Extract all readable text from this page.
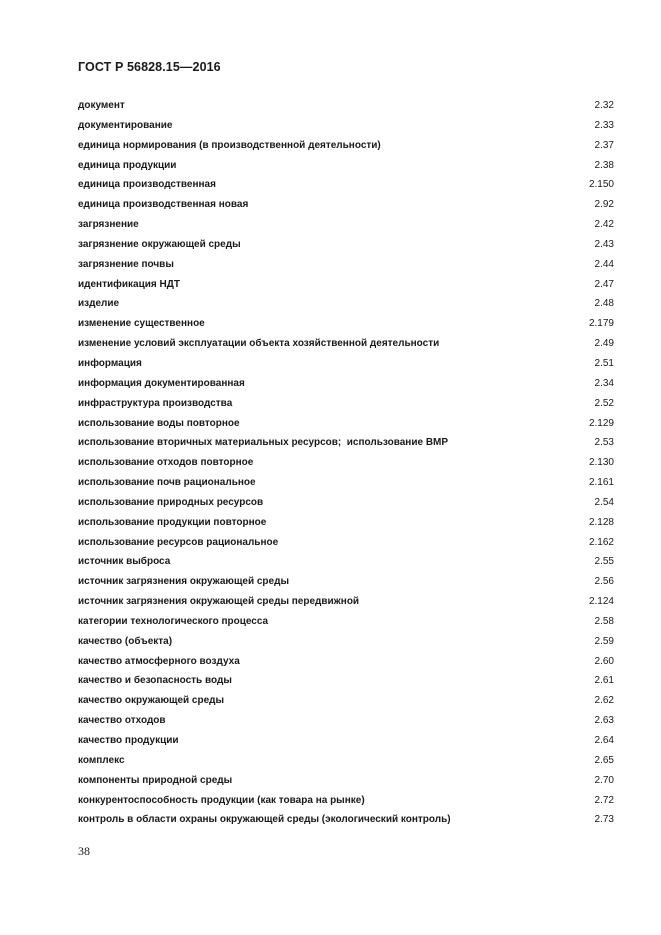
ГОСТ Р 56828.15—2016
документ	2.32
документирование	2.33
единица нормирования (в производственной деятельности)	2.37
единица продукции	2.38
единица производственная	2.150
единица производственная новая	2.92
загрязнение	2.42
загрязнение окружающей среды	2.43
загрязнение почвы	2.44
идентификация НДТ	2.47
изделие	2.48
изменение существенное	2.179
изменение условий эксплуатации объекта хозяйственной деятельности	2.49
информация	2.51
информация документированная	2.34
инфраструктура производства	2.52
использование воды повторное	2.129
использование вторичных материальных ресурсов;  использование ВМР	2.53
использование отходов повторное	2.130
использование почв рациональное	2.161
использование природных ресурсов	2.54
использование продукции повторное	2.128
использование ресурсов рациональное	2.162
источник выброса	2.55
источник загрязнения окружающей среды	2.56
источник загрязнения окружающей среды передвижной	2.124
категории технологического процесса	2.58
качество (объекта)	2.59
качество атмосферного воздуха	2.60
качество и безопасность воды	2.61
качество окружающей среды	2.62
качество отходов	2.63
качество продукции	2.64
комплекс	2.65
компоненты природной среды	2.70
конкурентоспособность продукции (как товара на рынке)	2.72
контроль в области охраны окружающей среды (экологический контроль)	2.73
38
